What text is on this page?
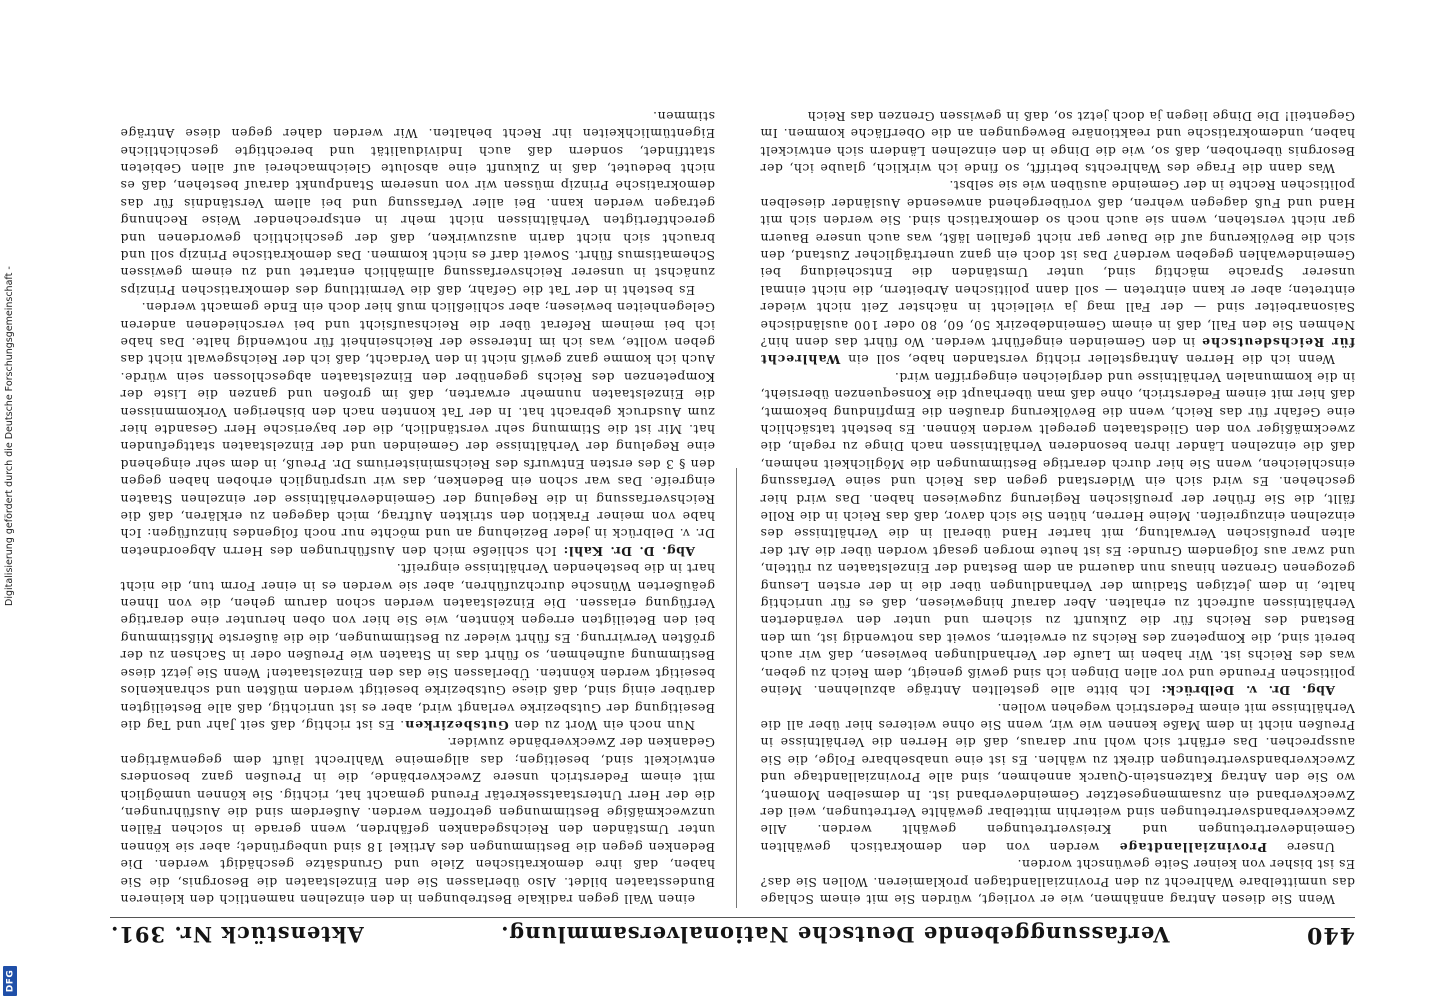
Digitalisierung gefördert durch die Deutsche Forschungsgemeinschaft -
DFG
440
Verfassunggebende Deutsche Nationalversammlung.
Aktenstück Nr. 391.

Wenn Sie diesen Antrag annähmen, wie er vorliegt, würden Sie mit einem Schlage das unmittelbare Wahlrecht zu den Provinziallandtagen proklamieren. Wollen Sie das? Es ist bisher von keiner Seite gewünscht worden.

Unsere Provinziallandtage werden von den demokratisch gewählten Gemeindevertretungen und Kreisvertretungen gewählt werden. Alle Zweckverbandsvertretungen sind weiterhin mittelbar gewählte Vertretungen, weil der Zweckverband ein zusammengesetzter Gemeindeverband ist. In demselben Moment, wo Sie den Antrag Katzenstein-Quarck annehmen, sind alle Provinziallandtage und Zweckverbandsvertretungen direkt zu wählen. Es ist eine unabsehbare Folge, die Sie aussprechen. Das erfährt sich wohl nur daraus, daß die Herren die Verhältnisse in Preußen nicht in dem Maße kennen wie wir, wenn Sie ohne weiteres hier über all die Verhältnisse mit einem Federstrich wegehen wollen.

Abg. Dr. v. Delbrück: Ich bitte alle gestellten Anträge abzulehnen. Meine politischen Freunde und vor allen Dingen ich sind gewiß geneigt, dem Reich zu geben, was des Reichs ist. Wir haben im Laufe der Verhandlungen bewiesen, daß wir auch bereit sind, die Kompetenz des Reichs zu erweitern, soweit das notwendig ist, um den Bestand des Reichs für die Zukunft zu sichern und unter den veränderten Verhältnissen aufrecht zu erhalten. Aber darauf hingewiesen, daß es für unrichtig halte, in dem jetzigen Stadium der Verhandlungen über die in der ersten Lesung gezogenen Grenzen hinaus nun dauernd an dem Bestand der Einzelstaaten zu rütteln, und zwar aus folgendem Grunde: Es ist heute morgen gesagt worden über die Art der alten preußischen Verwaltung, mit harter Hand überall in die Verhältnisse des einzelnen einzugreifen. Meine Herren, hüten Sie sich davor, daß das Reich in die Rolle fällt, die Sie früher der preußischen Regierung zugewiesen haben. Das wird hier geschehen. Es wird sich ein Widerstand gegen das Reich und seine Verfassung einschleichen, wenn Sie hier durch derartige Bestimmungen die Möglichkeit nehmen, daß die einzelnen Länder ihren besonderen Verhältnissen nach Dinge zu regeln, die zweckmäßiger von den Gliedstaaten geregelt werden können. Es besteht tatsächlich eine Gefahr für das Reich, wenn die Bevölkerung draußen die Empfindung bekommt, daß hier mit einem Federstrich, ohne daß man überhaupt die Konsequenzen übersieht, in die kommunalen Verhältnisse und dergleichen eingegriffen wird.

Wenn ich die Herren Antragsteller richtig verstanden habe, soll ein Wahlrecht für Reichsdeutsche in den Gemeinden eingeführt werden. Wo führt das denn hin? Nehmen Sie den Fall, daß in einem Gemeindebezirk 50, 60, 80 oder 100 ausländische Saisonarbeiter sind — der Fall mag ja vielleicht in nächster Zeit nicht wieder eintreten; aber er kann eintreten — soll dann politischen Arbeitern, die nicht einmal unserer Sprache mächtig sind, unter Umständen die Entscheidung bei Gemeindewahlen gegeben werden? Das ist doch ein ganz unerträglicher Zustand, den sich die Bevölkerung auf die Dauer gar nicht gefallen läßt, was auch unsere Bauern gar nicht verstehen, wenn sie auch noch so demokratisch sind. Sie werden sich mit Hand und Fuß dagegen wehren, daß vorübergehend anwesende Ausländer dieselben politischen Rechte in der Gemeinde ausüben wie sie selbst.

Was dann die Frage des Wahlrechts betrifft, so finde ich wirklich, glaube ich, der Besorgnis überhoben, daß so, wie die Dinge in den einzelnen Ländern sich entwickelt haben, undemokratische und reaktionäre Bewegungen an die Oberfläche kommen. Im Gegenteil! Die Dinge liegen ja doch jetzt so, daß in gewissen Grenzen das Reich

einen Wall gegen radikale Bestrebungen in den einzelnen namentlich den kleineren Bundesstaaten bildet. Also überlassen Sie den Einzelstaaten die Besorgnis, die Sie haben, daß ihre demokratischen Ziele und Grundsätze geschädigt werden. Die Bedenken gegen die Bestimmungen des Artikel 18 sind unbegründet; aber sie können unter Umständen den Reichsgedanken gefährden, wenn gerade in solchen Fällen unzweckmäßige Bestimmungen getroffen werden. Außerdem sind die Ausführungen, die der Herr Unterstaatssekretär Freund gemacht hat, richtig. Sie können unmöglich mit einem Federstrich unsere Zweckverbände, die in Preußen ganz besonders entwickelt sind, beseitigen; das allgemeine Wahlrecht läuft dem gegenwärtigen Gedanken der Zweckverbände zuwider.

Nun noch ein Wort zu den Gutsbezirken. Es ist richtig, daß seit Jahr und Tag die Beseitigung der Gutsbezirke verlangt wird, aber es ist unrichtig, daß alle Besteiligten darüber einig sind, daß diese Gutsbezirke beseitigt werden müßten und schrankenlos beseitigt werden könnten. Überlassen Sie das den Einzelstaaten! Wenn Sie jetzt diese Bestimmung aufnehmen, so führt das in Staaten wie Preußen oder in Sachsen zu der größten Verwirrung. Es führt wieder zu Bestimmungen, die die äußerste Mißstimmung bei den Beteiligten erregen könnten, wie Sie hier von oben herunter eine derartige Verfügung erlassen. Die Einzelstaaten werden schon darum gehen, die von Ihnen geäußerten Wünsche durchzuführen, aber sie werden es in einer Form tun, die nicht hart in die bestehenden Verhältnisse eingreift.

Abg. D. Dr. Kahl: Ich schließe mich den Ausführungen des Herrn Abgeordneten Dr. v. Delbrück in jeder Beziehung an und möchte nur noch folgendes hinzufügen: Ich habe von meiner Fraktion den strikten Auftrag, mich dagegen zu erklären, daß die Reichsverfassung in die Regelung der Gemeindeverhältnisse der einzelnen Staaten eingreife. Das war schon ein Bedenken, das wir ursprünglich erhoben haben gegen den § 3 des ersten Entwurfs des Reichsministeriums Dr. Preuß, in dem sehr eingehend eine Regelung der Verhältnisse der Gemeinden und der Einzelstaaten stattgefunden hat. Mir ist die Stimmung sehr verständlich, die der bayerische Herr Gesandte hier zum Ausdruck gebracht hat. In der Tat konnten nach den bisherigen Vorkommnissen die Einzelstaaten nunmehr erwarten, daß im großen und ganzen die Liste der Kompetenzen des Reichs gegenüber den Einzelstaaten abgeschlossen sein würde. Auch ich komme ganz gewiß nicht in den Verdacht, daß ich der Reichsgewalt nicht das geben wollte, was ich im Interesse der Reichseinheit für notwendig halte. Das habe ich bei meinem Referat über die Reichsaufsicht und bei verschiedenen anderen Gelegenheiten bewiesen; aber schließlich muß hier doch ein Ende gemacht werden.

Es besteht in der Tat die Gefahr, daß die Vermittlung des demokratischen Prinzips zunächst in unserer Reichsverfassung allmählich entartet und zu einem gewissen Schematismus führt. Soweit darf es nicht kommen. Das demokratische Prinzip soll und braucht sich nicht darin auszuwirken, daß der geschichtlich gewordenen und gerechtfertigten Verhältnissen nicht mehr in entsprechender Weise Rechnung getragen werden kann. Bei aller Verfassung und bei allem Verständnis für das demokratische Prinzip müssen wir von unserem Standpunkt darauf bestehen, daß es nicht bedeutet, daß in Zukunft eine absolute Gleichmacherei auf allen Gebieten stattfindet, sondern daß auch Individualität und berechtigte geschichtliche Eigentümlichkeiten ihr Recht behalten. Wir werden daher gegen diese Anträge stimmen.
